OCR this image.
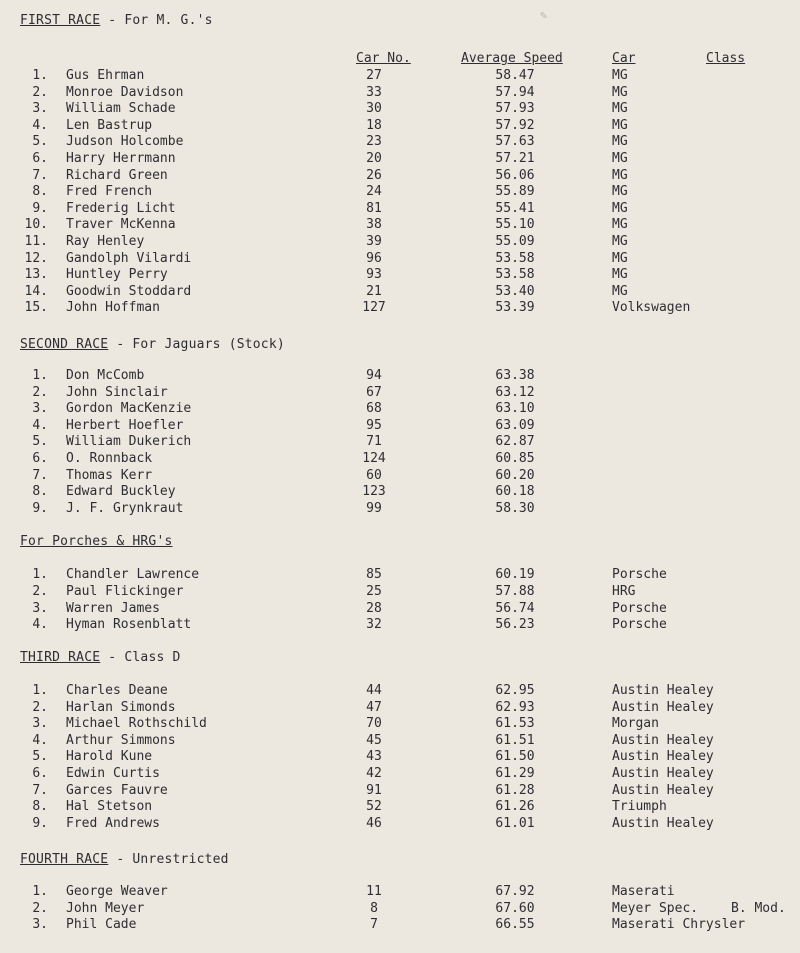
✎
FIRST RACE - For M. G.'s
Car No.	Average Speed	Car	Class
1. Gus Ehrman	27	58.47	MG
2. Monroe Davidson	33	57.94	MG
3. William Schade	30	57.93	MG
4. Len Bastrup	18	57.92	MG
5. Judson Holcombe	23	57.63	MG
6. Harry Herrmann	20	57.21	MG
7. Richard Green	26	56.06	MG
8. Fred French	24	55.89	MG
9. Frederig Licht	81	55.41	MG
10. Traver McKenna	38	55.10	MG
11. Ray Henley	39	55.09	MG
12. Gandolph Vilardi	96	53.58	MG
13. Huntley Perry	93	53.58	MG
14. Goodwin Stoddard	21	53.40	MG
15. John Hoffman	127	53.39	Volkswagen
SECOND RACE - For Jaguars (Stock)
1. Don McComb	94	63.38
2. John Sinclair	67	63.12
3. Gordon MacKenzie	68	63.10
4. Herbert Hoefler	95	63.09
5. William Dukerich	71	62.87
6. O. Ronnback	124	60.85
7. Thomas Kerr	60	60.20
8. Edward Buckley	123	60.18
9. J. F. Grynkraut	99	58.30
For Porches & HRG's
1. Chandler Lawrence	85	60.19	Porsche
2. Paul Flickinger	25	57.88	HRG
3. Warren James	28	56.74	Porsche
4. Hyman Rosenblatt	32	56.23	Porsche
THIRD RACE - Class D
1. Charles Deane	44	62.95	Austin Healey
2. Harlan Simonds	47	62.93	Austin Healey
3. Michael Rothschild	70	61.53	Morgan
4. Arthur Simmons	45	61.51	Austin Healey
5. Harold Kune	43	61.50	Austin Healey
6. Edwin Curtis	42	61.29	Austin Healey
7. Garces Fauvre	91	61.28	Austin Healey
8. Hal Stetson	52	61.26	Triumph
9. Fred Andrews	46	61.01	Austin Healey
FOURTH RACE - Unrestricted
1. George Weaver	11	67.92	Maserati
2. John Meyer	8	67.60	Meyer Spec.	B. Mod.
3. Phil Cade	7	66.55	Maserati Chrysler
